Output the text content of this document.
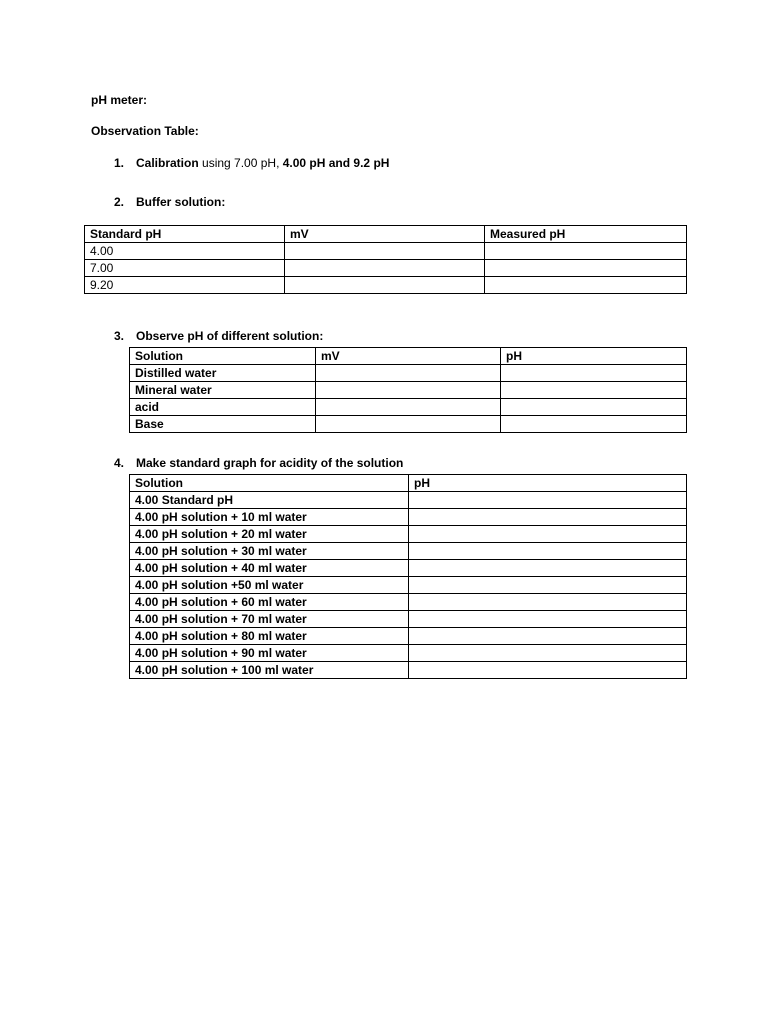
pH meter:
Observation Table:
1. Calibration using 7.00 pH, 4.00 pH and 9.2 pH
2. Buffer solution:
Standard pH	mV	Measured pH
4.00		
7.00		
9.20		
3. Observe pH of different solution:
Solution	mV	pH
Distilled water		
Mineral water		
acid		
Base		
4. Make standard graph for acidity of the solution
Solution	pH
4.00 Standard pH	
4.00 pH solution + 10 ml water	
4.00 pH solution + 20 ml water	
4.00 pH solution + 30 ml water	
4.00 pH solution + 40 ml water	
4.00 pH solution +50 ml water	
4.00 pH solution + 60 ml water	
4.00 pH solution + 70 ml water	
4.00 pH solution + 80 ml water	
4.00 pH solution + 90 ml water	
4.00 pH solution + 100 ml water	
